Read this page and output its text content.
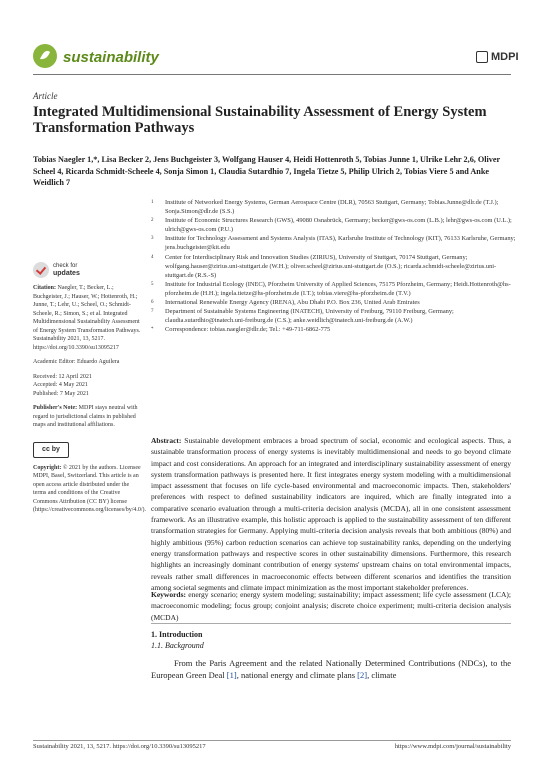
sustainability	MDPI
Article
Integrated Multidimensional Sustainability Assessment of Energy System Transformation Pathways
Tobias Naegler 1,*, Lisa Becker 2, Jens Buchgeister 3, Wolfgang Hauser 4, Heidi Hottenroth 5, Tobias Junne 1, Ulrike Lehr 2,6, Oliver Scheel 4, Ricarda Schmidt-Scheele 4, Sonja Simon 1, Claudia Sutardhio 7, Ingela Tietze 5, Philip Ulrich 2, Tobias Viere 5 and Anke Weidlich 7
1	Institute of Networked Energy Systems, German Aerospace Centre (DLR), 70563 Stuttgart, Germany; Tobias.Junne@dlr.de (T.J.); Sonja.Simon@dlr.de (S.S.)
2	Institute of Economic Structures Research (GWS), 49080 Osnabrück, Germany; becker@gws-os.com (L.B.); lehr@gws-os.com (U.L.); ulrich@gws-os.com (P.U.)
3	Institute for Technology Assessment and Systems Analysis (ITAS), Karlsruhe Institute of Technology (KIT), 76133 Karlsruhe, Germany; jens.buchgeister@kit.edu
4	Center for Interdisciplinary Risk and Innovation Studies (ZIRIUS), University of Stuttgart, 70174 Stuttgart, Germany; wolfgang.hauser@zirius.uni-stuttgart.de (W.H.); oliver.scheel@zirius.uni-stuttgart.de (O.S.); ricarda.schmidt-scheele@zirius.uni-stuttgart.de (R.S.-S)
5	Institute for Industrial Ecology (INEC), Pforzheim University of Applied Sciences, 75175 Pforzheim, Germany; Heidi.Hottenroth@hs-pforzheim.de (H.H.); ingela.tietze@hs-pforzheim.de (I.T.); tobias.viere@hs-pforzheim.de (T.V.)
6	International Renewable Energy Agency (IRENA), Abu Dhabi P.O. Box 236, United Arab Emirates
7	Department of Sustainable Systems Engineering (INATECH), University of Freiburg, 79110 Freiburg, Germany; claudia.sutardhio@inatech.uni-freiburg.de (C.S.); anke.weidlich@inatech.uni-freiburg.de (A.W.)
*	Correspondence: tobias.naegler@dlr.de; Tel.: +49-711-6862-775
check for
updates
Citation: Naegler, T.; Becker, L.; Buchgeister, J.; Hauser, W.; Hottenroth, H.; Junne, T.; Lehr, U.; Scheel, O.; Schmidt-Scheele, R.; Simon, S.; et al. Integrated Multidimensional Sustainability Assessment of Energy System Transformation Pathways. Sustainability 2021, 13, 5217. https://doi.org/10.3390/su13095217
Academic Editor: Eduardo Aguilera
Received: 12 April 2021
Accepted: 4 May 2021
Published: 7 May 2021
Publisher's Note: MDPI stays neutral with regard to jurisdictional claims in published maps and institutional affiliations.
cc by
Copyright: © 2021 by the authors. Licensee MDPI, Basel, Switzerland. This article is an open access article distributed under the terms and conditions of the Creative Commons Attribution (CC BY) license (https://creativecommons.org/licenses/by/4.0/).

Abstract: Sustainable development embraces a broad spectrum of social, economic and ecological aspects. Thus, a sustainable transformation process of energy systems is inevitably multidimensional and needs to go beyond climate impact and cost considerations. An approach for an integrated and interdisciplinary sustainability assessment of energy system transformation pathways is presented here. It first integrates energy system modeling with a multidimensional impact assessment that focuses on life cycle-based environmental and macroeconomic impacts. Then, stakeholders' preferences with respect to defined sustainability indicators are inquired, which are finally integrated into a comparative scenario evaluation through a multi-criteria decision analysis (MCDA), all in one consistent assessment framework. As an illustrative example, this holistic approach is applied to the sustainability assessment of ten different transformation strategies for Germany. Applying multi-criteria decision analysis reveals that both ambitious (80%) and highly ambitious (95%) carbon reduction scenarios can achieve top sustainability ranks, depending on the underlying energy transformation pathways and respective scores in other sustainability dimensions. Furthermore, this research highlights an increasingly dominant contribution of energy systems' upstream chains on total environmental impacts, reveals rather small differences in macroeconomic effects between different scenarios and identifies the transition among societal segments and climate impact minimization as the most important stakeholder preferences.

Keywords: energy scenario; energy system modeling; sustainability; impact assessment; life cycle assessment (LCA); macroeconomic modeling; focus group; conjoint analysis; discrete choice experiment; multi-criteria decision analysis (MCDA)

1. Introduction
1.1. Background

From the Paris Agreement and the related Nationally Determined Contributions (NDCs), to the European Green Deal [1], national energy and climate plans [2], climate

Sustainability 2021, 13, 5217. https://doi.org/10.3390/su13095217	https://www.mdpi.com/journal/sustainability
